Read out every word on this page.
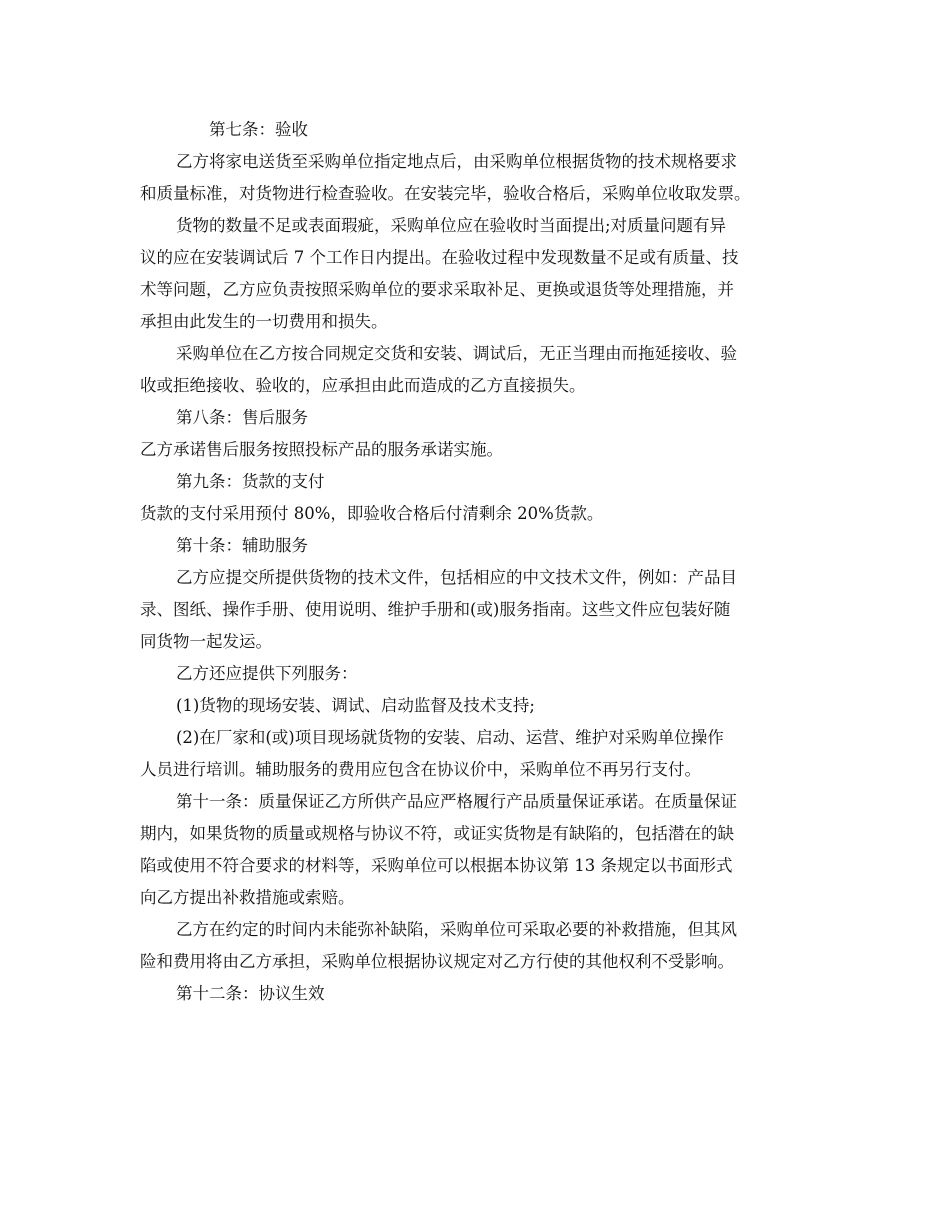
第七条：验收

乙方将家电送货至采购单位指定地点后，由采购单位根据货物的技术规格要求
和质量标准，对货物进行检查验收。在安装完毕，验收合格后，采购单位收取发票。

货物的数量不足或表面瑕疵，采购单位应在验收时当面提出;对质量问题有异
议的应在安装调试后 7 个工作日内提出。在验收过程中发现数量不足或有质量、技
术等问题，乙方应负责按照采购单位的要求采取补足、更换或退货等处理措施，并
承担由此发生的一切费用和损失。

采购单位在乙方按合同规定交货和安装、调试后，无正当理由而拖延接收、验
收或拒绝接收、验收的，应承担由此而造成的乙方直接损失。

第八条：售后服务

乙方承诺售后服务按照投标产品的服务承诺实施。

第九条：货款的支付

货款的支付采用预付 80%，即验收合格后付清剩余 20%货款。

第十条：辅助服务

乙方应提交所提供货物的技术文件，包括相应的中文技术文件，例如：产品目
录、图纸、操作手册、使用说明、维护手册和(或)服务指南。这些文件应包装好随
同货物一起发运。

乙方还应提供下列服务：

(1)货物的现场安装、调试、启动监督及技术支持;

(2)在厂家和(或)项目现场就货物的安装、启动、运营、维护对采购单位操作
人员进行培训。辅助服务的费用应包含在协议价中，采购单位不再另行支付。

第十一条：质量保证乙方所供产品应严格履行产品质量保证承诺。在质量保证
期内，如果货物的质量或规格与协议不符，或证实货物是有缺陷的，包括潜在的缺
陷或使用不符合要求的材料等，采购单位可以根据本协议第 13 条规定以书面形式
向乙方提出补救措施或索赔。

乙方在约定的时间内未能弥补缺陷，采购单位可采取必要的补救措施，但其风
险和费用将由乙方承担，采购单位根据协议规定对乙方行使的其他权利不受影响。

第十二条：协议生效
